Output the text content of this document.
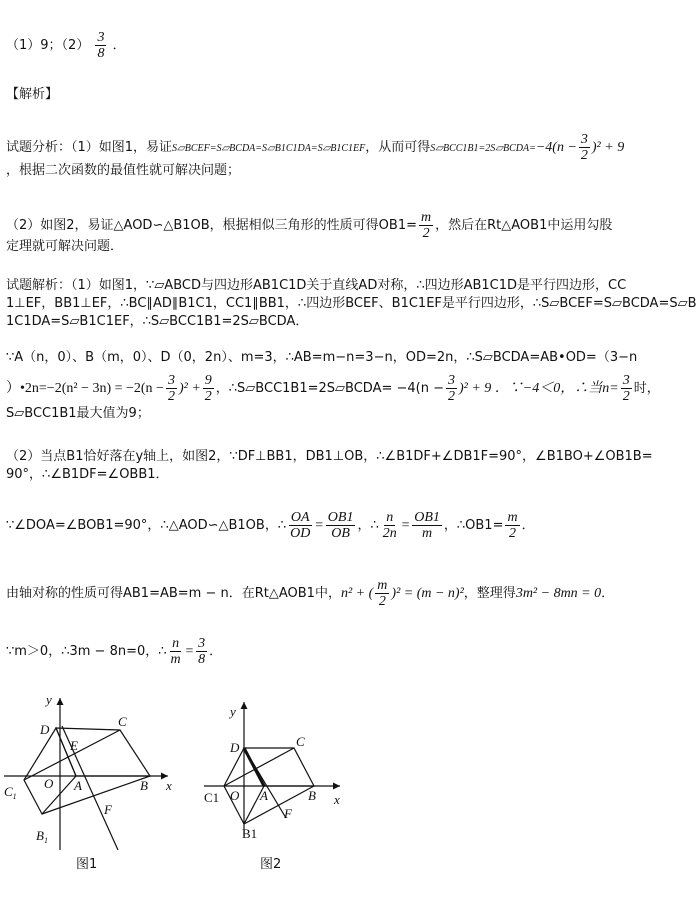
（1）9；$(2) \frac{3}{8}$ ．
【解析】
试题分析：（1）如图1，易证S▱BCEF=S▱BCDA=S▱B1C1DA=S▱B1C1EF，从而可得S▱BCC1B1=2S▱BCDA=−4(n − $\frac{3}{2} )^2 + 9$
，根据二次函数的最值性就可解决问题；
（2）如图2，易证△AOD∽△B1OB，根据相似三角形的性质可得$OB1= \frac{m}{2}$ ，然后在Rt△AOB1中运用勾股
定理就可解决问题．
试题解析：（1）如图1，∵▱ABCD与四边形AB1C1D关于直线AD对称，∴四边形AB1C1D是平行四边形，CC
1⊥EF，BB1⊥EF，∴BC∥AD∥B1C1，CC1∥BB1，∴四边形BCEF、B1C1EF是平行四边形，∴S▱BCEF=S▱BCDA=S▱B
1C1DA=S▱B1C1EF，∴S▱BCC1B1=2S▱BCDA．
∵A（n，0）、B（m，0）、D（0，2n）、m=3，∴AB=m−n=3−n，OD=2n，∴S▱BCDA=AB•OD=（3−n
）•2n=−2(n² − $3n) = -2(n - \frac{3}{2} )^2 + \frac{9}{2}$ ，∴S▱BCC1B1=2S▱BCDA= $-4(n - \frac{3}{2} )^2 + 9$ ．∵−4＜0，∴当$n= \frac{3}{2}$ 时，
S▱BCC1B1最大值为9；
（2）当点B1恰好落在y轴上，如图2，∵DF⊥BB1，DB1⊥OB，∴∠B1DF+∠DB1F=90°，∠B1BO+∠OB1B=
90°，∴∠B1DF=∠OBB1．
∵∠DOA=∠BOB1=90°，∴△AOD∽△B1OB，∴ $\frac{OA}{OD} = \frac{OB1}{OB}$ ，∴ $\frac{n}{2n} = \frac{OB1}{m}$ ，∴OB1= $\frac{m}{2}$ ．
由轴对称的性质可得AB1=AB=m − n．在Rt△AOB1中，n² + ( $\frac{m}{2} )^2 = (m - n)^2$，整理得3m² − 8mn = 0．
∵m＞0，∴3m − 8n=0，∴ $\frac{n}{m} = \frac{3}{8}$ ．
y
x
D
C
E
O A	B
$C_1$
F
$B_1$
图1
y
x
D	C
C1 O A	B
F
B1
图2
